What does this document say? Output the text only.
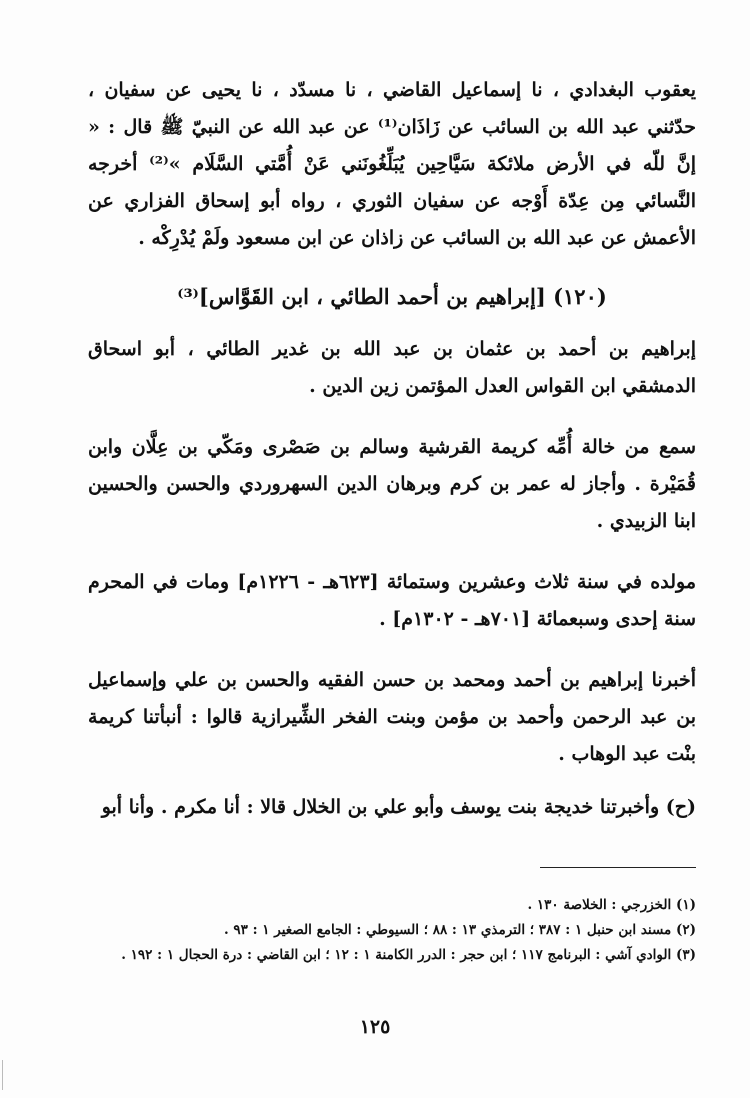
يعقوب البغدادي ، نا إسماعيل القاضي ، نا مسدّد ، نا يحيى عن سفيان ، حدّثني عبد الله بن السائب عن زَاذَان⁽¹⁾ عن عبد الله عن النبيّ ﷺ قال : « إنَّ للّه في الأرض ملائكة سَيَّاحِين يُبَلِّغُونَني عَنْ أُمَّتي السَّلَام »⁽²⁾ أخرجه النَّسائي مِن عِدّة أَوْجه عن سفيان الثوري ، رواه أبو إسحاق الفزاري عن الأعمش عن عبد الله بن السائب عن زاذان عن ابن مسعود ولَمْ يُدْرِكْه .

(١٢٠) [إبراهيم بن أحمد الطائي ، ابن القَوَّاس]⁽³⁾

إبراهيم بن أحمد بن عثمان بن عبد الله بن غدير الطائي ، أبو اسحاق الدمشقي ابن القواس العدل المؤتمن زين الدين .

سمع من خالة أُمِّه كريمة القرشية وسالم بن صَصْرى ومَكّي بن عِلَّان وابن قُمَيْرة . وأجاز له عمر بن كرم وبرهان الدين السهروردي والحسن والحسين ابنا الزبيدي .

مولده في سنة ثلاث وعشرين وستمائة [٦٢٣هـ - ١٢٢٦م] ومات في المحرم سنة إحدى وسبعمائة [٧٠١هـ - ١٣٠٢م] .

أخبرنا إبراهيم بن أحمد ومحمد بن حسن الفقيه والحسن بن علي وإسماعيل بن عبد الرحمن وأحمد بن مؤمن وبنت الفخر الشِّيرازية قالوا : أنبأتنا كريمة بنْت عبد الوهاب .

(ح) وأخبرتنا خديجة بنت يوسف وأبو علي بن الخلال قالا : أنا مكرم . وأنا أبو

(١) الخزرجي : الخلاصة ١٣٠ .
(٢) مسند ابن حنبل ١ : ٣٨٧ ؛ الترمذي ١٣ : ٨٨ ؛ السيوطي : الجامع الصغير ١ : ٩٣ .
(٣) الوادي آشي : البرنامج ١١٧ ؛ ابن حجر : الدرر الكامنة ١ : ١٢ ؛ ابن القاضي : درة الحجال ١ : ١٩٢ .
١٢٥
